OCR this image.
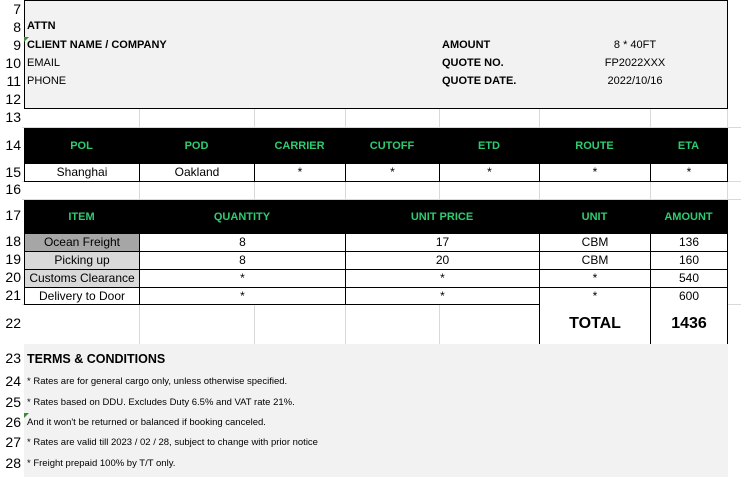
7
8
9
10
11
12
13
14
15
16
17
18
19
20
21
22
23
24
25
26
27
28
ATTN
CLIENT NAME / COMPANY
EMAIL
PHONE
AMOUNT	8 * 40FT
QUOTE NO.	FP2022XXX
QUOTE DATE.	2022/10/16
POL	POD	CARRIER	CUTOFF	ETD	ROUTE	ETA
Shanghai	Oakland	*	*	*	*	*
ITEM	QUANTITY	UNIT PRICE	UNIT	AMOUNT
Ocean Freight	8	17	CBM	136
Picking up	8	20	CBM	160
Customs Clearance	*	*	*	540
Delivery to Door	*	*	*	600
TOTAL	1436
TERMS & CONDITIONS
* Rates are for general cargo only, unless otherwise specified.
* Rates based on DDU. Excludes Duty 6.5% and VAT rate 21%.
And it won't be returned or balanced if booking canceled.
* Rates are valid till 2023 / 02 / 28, subject to change with prior notice
* Freight prepaid 100% by T/T only.
